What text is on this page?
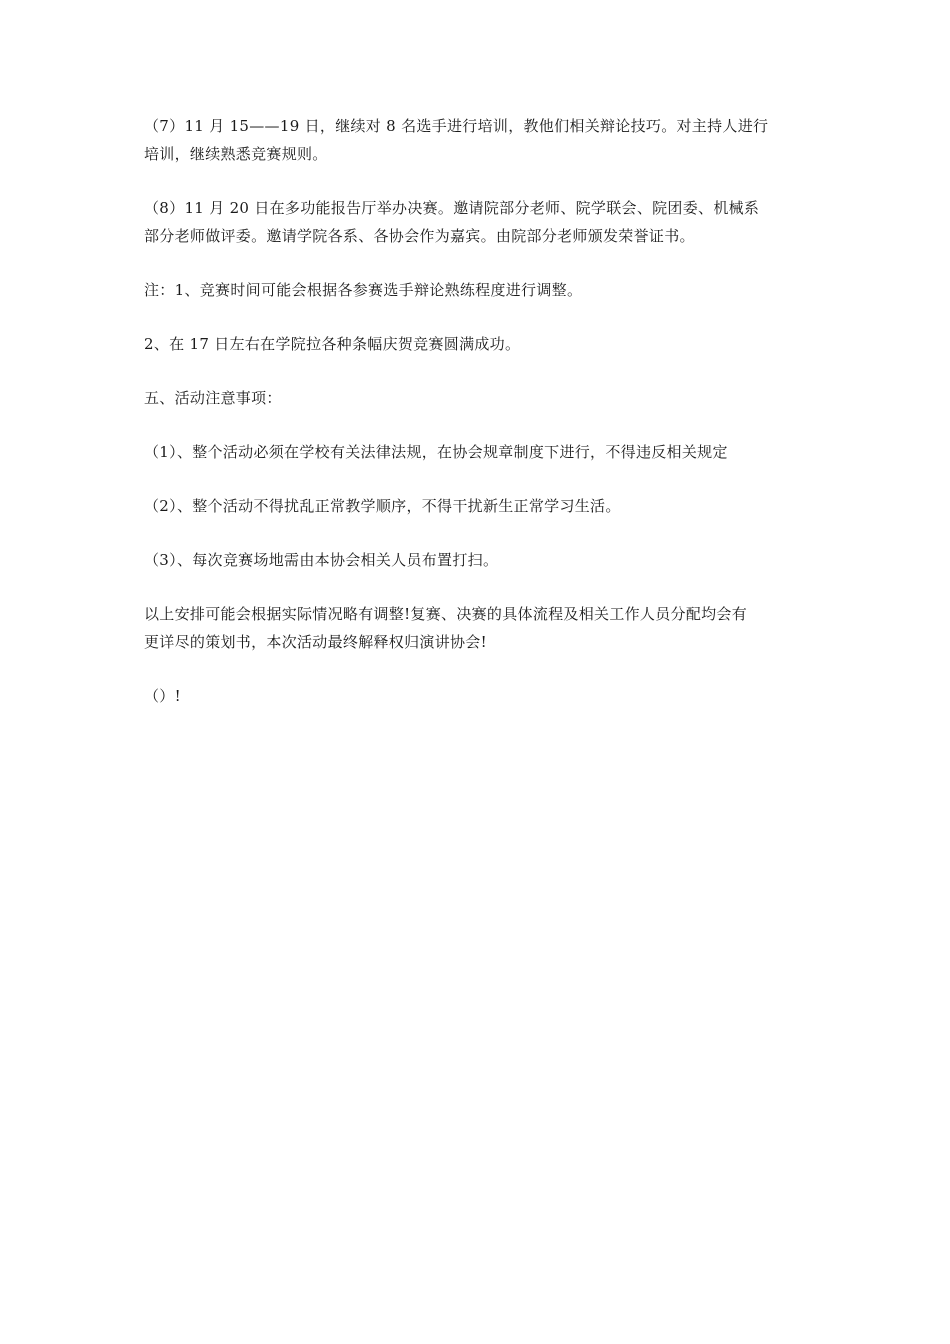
（7）11 月 15——19 日，继续对 8 名选手进行培训，教他们相关辩论技巧。对主持人进行

培训，继续熟悉竞赛规则。

（8）11 月 20 日在多功能报告厅举办决赛。邀请院部分老师、院学联会、院团委、机械系

部分老师做评委。邀请学院各系、各协会作为嘉宾。由院部分老师颁发荣誉证书。

注：1、竞赛时间可能会根据各参赛选手辩论熟练程度进行调整。

2、在 17 日左右在学院拉各种条幅庆贺竞赛圆满成功。

五、活动注意事项：

（1）、整个活动必须在学校有关法律法规，在协会规章制度下进行，不得违反相关规定

（2）、整个活动不得扰乱正常教学顺序，不得干扰新生正常学习生活。

（3）、每次竞赛场地需由本协会相关人员布置打扫。

以上安排可能会根据实际情况略有调整!复赛、决赛的具体流程及相关工作人员分配均会有

更详尽的策划书，本次活动最终解释权归演讲协会!

（）!
